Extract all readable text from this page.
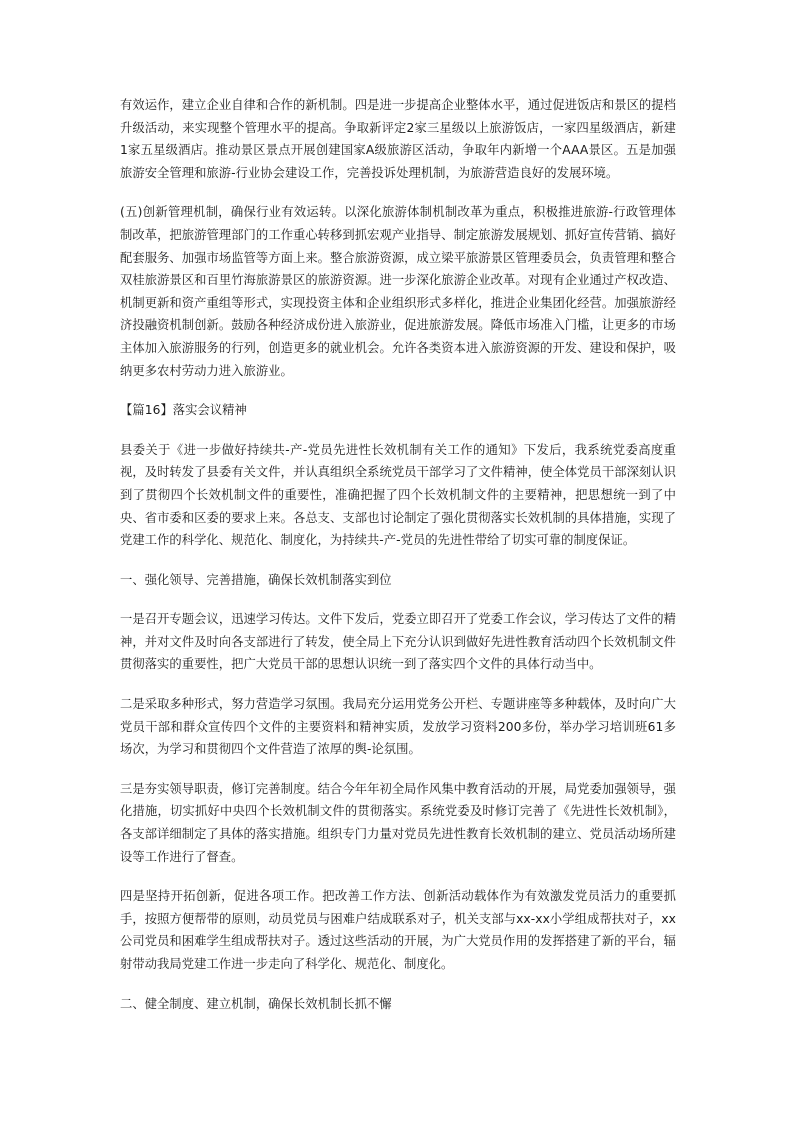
有效运作，建立企业自律和合作的新机制。四是进一步提高企业整体水平，通过促进饭店和景区的提档升级活动，来实现整个管理水平的提高。争取新评定2家三星级以上旅游饭店，一家四星级酒店，新建1家五星级酒店。推动景区景点开展创建国家A级旅游区活动，争取年内新增一个AAA景区。五是加强旅游安全管理和旅游-行业协会建设工作，完善投诉处理机制，为旅游营造良好的发展环境。

(五)创新管理机制，确保行业有效运转。以深化旅游体制机制改革为重点，积极推进旅游-行政管理体制改革，把旅游管理部门的工作重心转移到抓宏观产业指导、制定旅游发展规划、抓好宣传营销、搞好配套服务、加强市场监管等方面上来。整合旅游资源，成立梁平旅游景区管理委员会，负责管理和整合双桂旅游景区和百里竹海旅游景区的旅游资源。进一步深化旅游企业改革。对现有企业通过产权改造、机制更新和资产重组等形式，实现投资主体和企业组织形式多样化，推进企业集团化经营。加强旅游经济投融资机制创新。鼓励各种经济成份进入旅游业，促进旅游发展。降低市场准入门槛，让更多的市场主体加入旅游服务的行列，创造更多的就业机会。允许各类资本进入旅游资源的开发、建设和保护，吸纳更多农村劳动力进入旅游业。

【篇16】落实会议精神

县委关于《进一步做好持续共-产-党员先进性长效机制有关工作的通知》下发后，我系统党委高度重视，及时转发了县委有关文件，并认真组织全系统党员干部学习了文件精神，使全体党员干部深刻认识到了贯彻四个长效机制文件的重要性，准确把握了四个长效机制文件的主要精神，把思想统一到了中央、省市委和区委的要求上来。各总支、支部也讨论制定了强化贯彻落实长效机制的具体措施，实现了党建工作的科学化、规范化、制度化，为持续共-产-党员的先进性带给了切实可靠的制度保证。

一、强化领导、完善措施，确保长效机制落实到位

一是召开专题会议，迅速学习传达。文件下发后，党委立即召开了党委工作会议，学习传达了文件的精神，并对文件及时向各支部进行了转发，使全局上下充分认识到做好先进性教育活动四个长效机制文件贯彻落实的重要性，把广大党员干部的思想认识统一到了落实四个文件的具体行动当中。

二是采取多种形式，努力营造学习氛围。我局充分运用党务公开栏、专题讲座等多种载体，及时向广大党员干部和群众宣传四个文件的主要资料和精神实质，发放学习资料200多份，举办学习培训班61多场次，为学习和贯彻四个文件营造了浓厚的舆-论氛围。

三是夯实领导职责，修订完善制度。结合今年年初全局作风集中教育活动的开展，局党委加强领导，强化措施，切实抓好中央四个长效机制文件的贯彻落实。系统党委及时修订完善了《先进性长效机制》，各支部详细制定了具体的落实措施。组织专门力量对党员先进性教育长效机制的建立、党员活动场所建设等工作进行了督查。

四是坚持开拓创新，促进各项工作。把改善工作方法、创新活动载体作为有效激发党员活力的重要抓手，按照方便帮带的原则，动员党员与困难户结成联系对子，机关支部与xx-xx小学组成帮扶对子，xx公司党员和困难学生组成帮扶对子。透过这些活动的开展，为广大党员作用的发挥搭建了新的平台，辐射带动我局党建工作进一步走向了科学化、规范化、制度化。

二、健全制度、建立机制，确保长效机制长抓不懈
